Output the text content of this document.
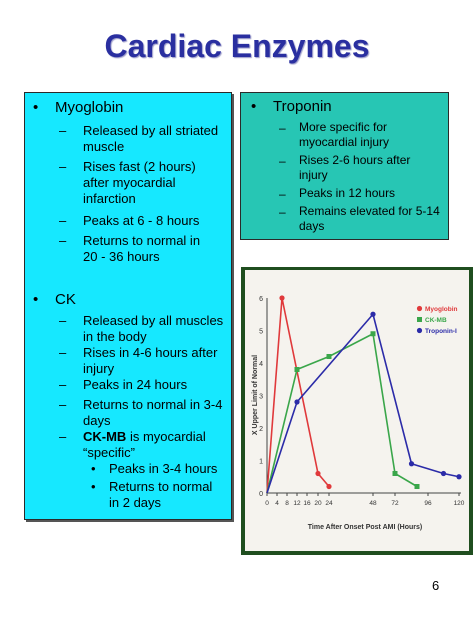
Cardiac Enzymes
• Myoglobin
– Released by all striated muscle
– Rises fast (2 hours) after myocardial infarction
– Peaks at 6 - 8 hours
– Returns to normal in 20 - 36 hours
• CK
– Released by all muscles in the body
– Rises in 4-6 hours after injury
– Peaks in 24 hours
– Returns to normal in 3-4 days
– CK-MB is myocardial “specific”
• Peaks in 3-4 hours
• Returns to normal in 2 days
• Troponin
– More specific for myocardial injury
– Rises 2-6 hours after injury
– Peaks in 12 hours
– Remains elevated for 5-14 days
0
1
2
3
4
5
6
0 4 8 12 16 20 24	48 72	96	120
X Upper Limit of Normal
Time After Onset Post AMI (Hours)
Myoglobin
CK-MB
Troponin-I
6
